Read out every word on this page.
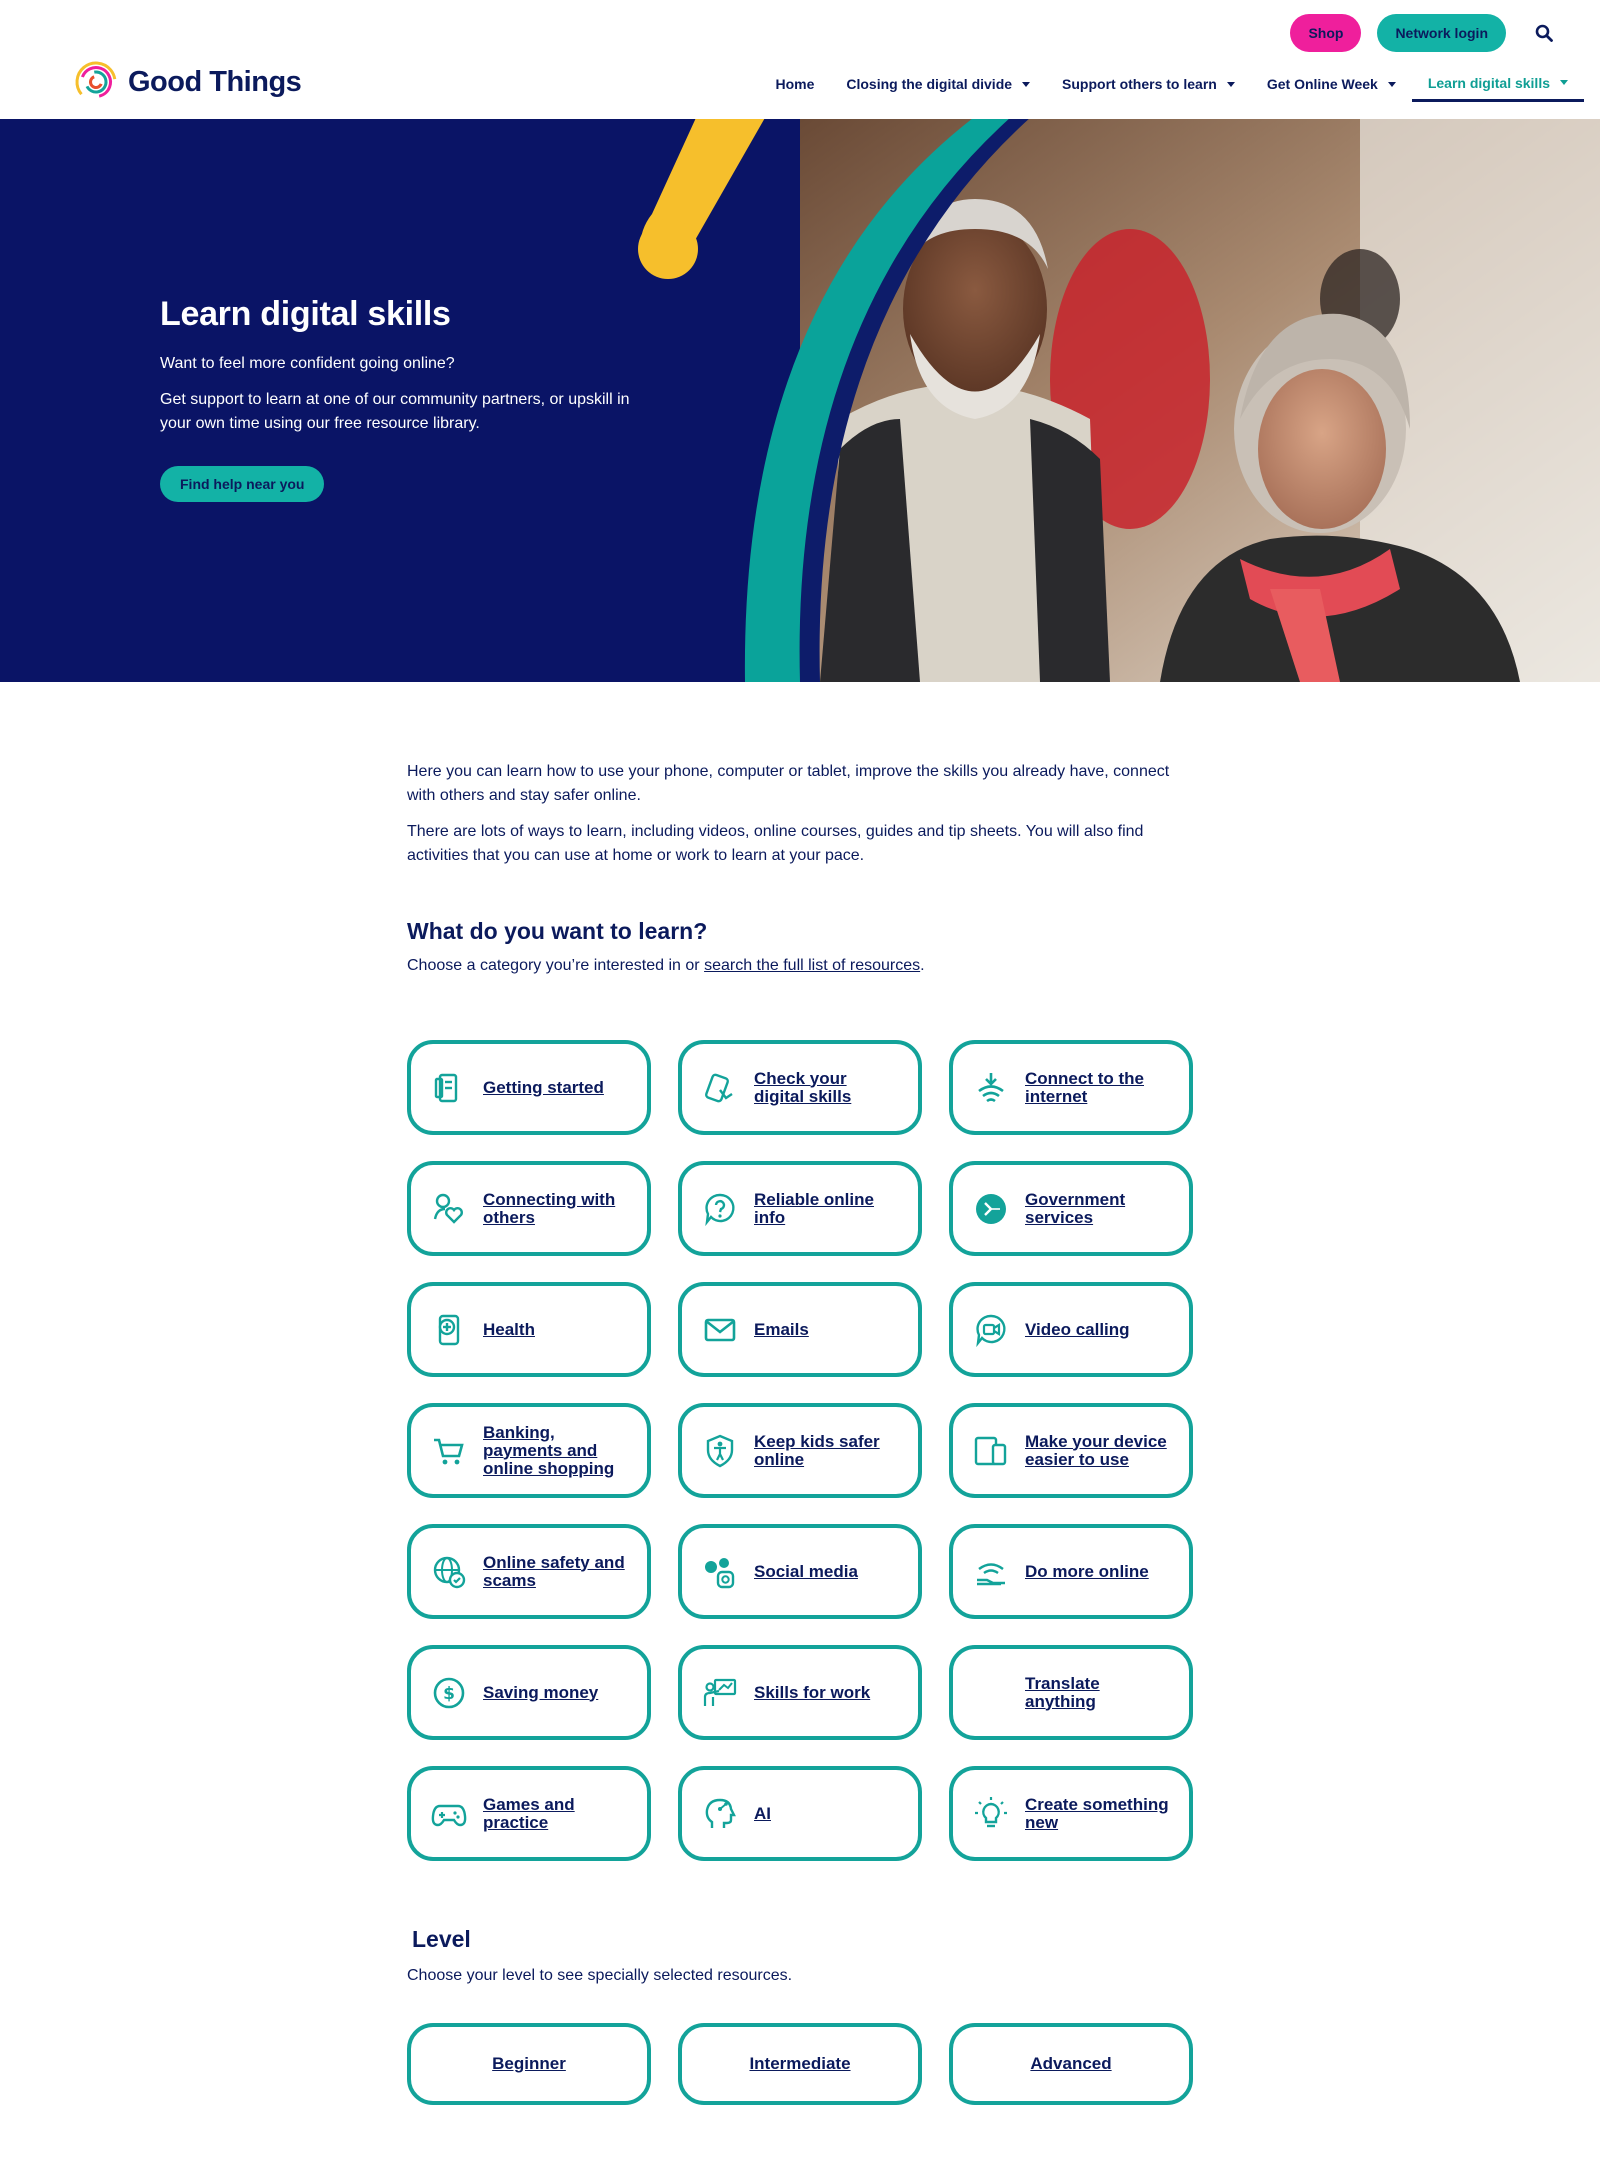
Good Things
Shop	Network login
Home Closing the digital divide	Support others to learn	Get Online Week	Learn digital skills
Learn digital skills

Want to feel more confident going online?

Get support to learn at one of our community partners, or upskill in your own time using our free resource library.

Find help near you

Here you can learn how to use your phone, computer or tablet, improve the skills you already have, connect with others and stay safer online.

There are lots of ways to learn, including videos, online courses, guides and tip sheets. You will also find activities that you can use at home or work to learn at your pace.

What do you want to learn?

Choose a category you’re interested in or search the full list of resources.

Getting started	Check your digital skills
Connect to the internet
Connecting with others
Reliable online info
Government services
Health	Emails	Video calling
Banking, payments and online shopping
Keep kids safer online
Make your device easier to use
Online safety and scams	Social media	Do more online
$ Saving money	Skills for work	Translate anything
Games and practice	AI	Create something new
Level

Choose your level to see specially selected resources.

Beginner	Intermediate	Advanced
